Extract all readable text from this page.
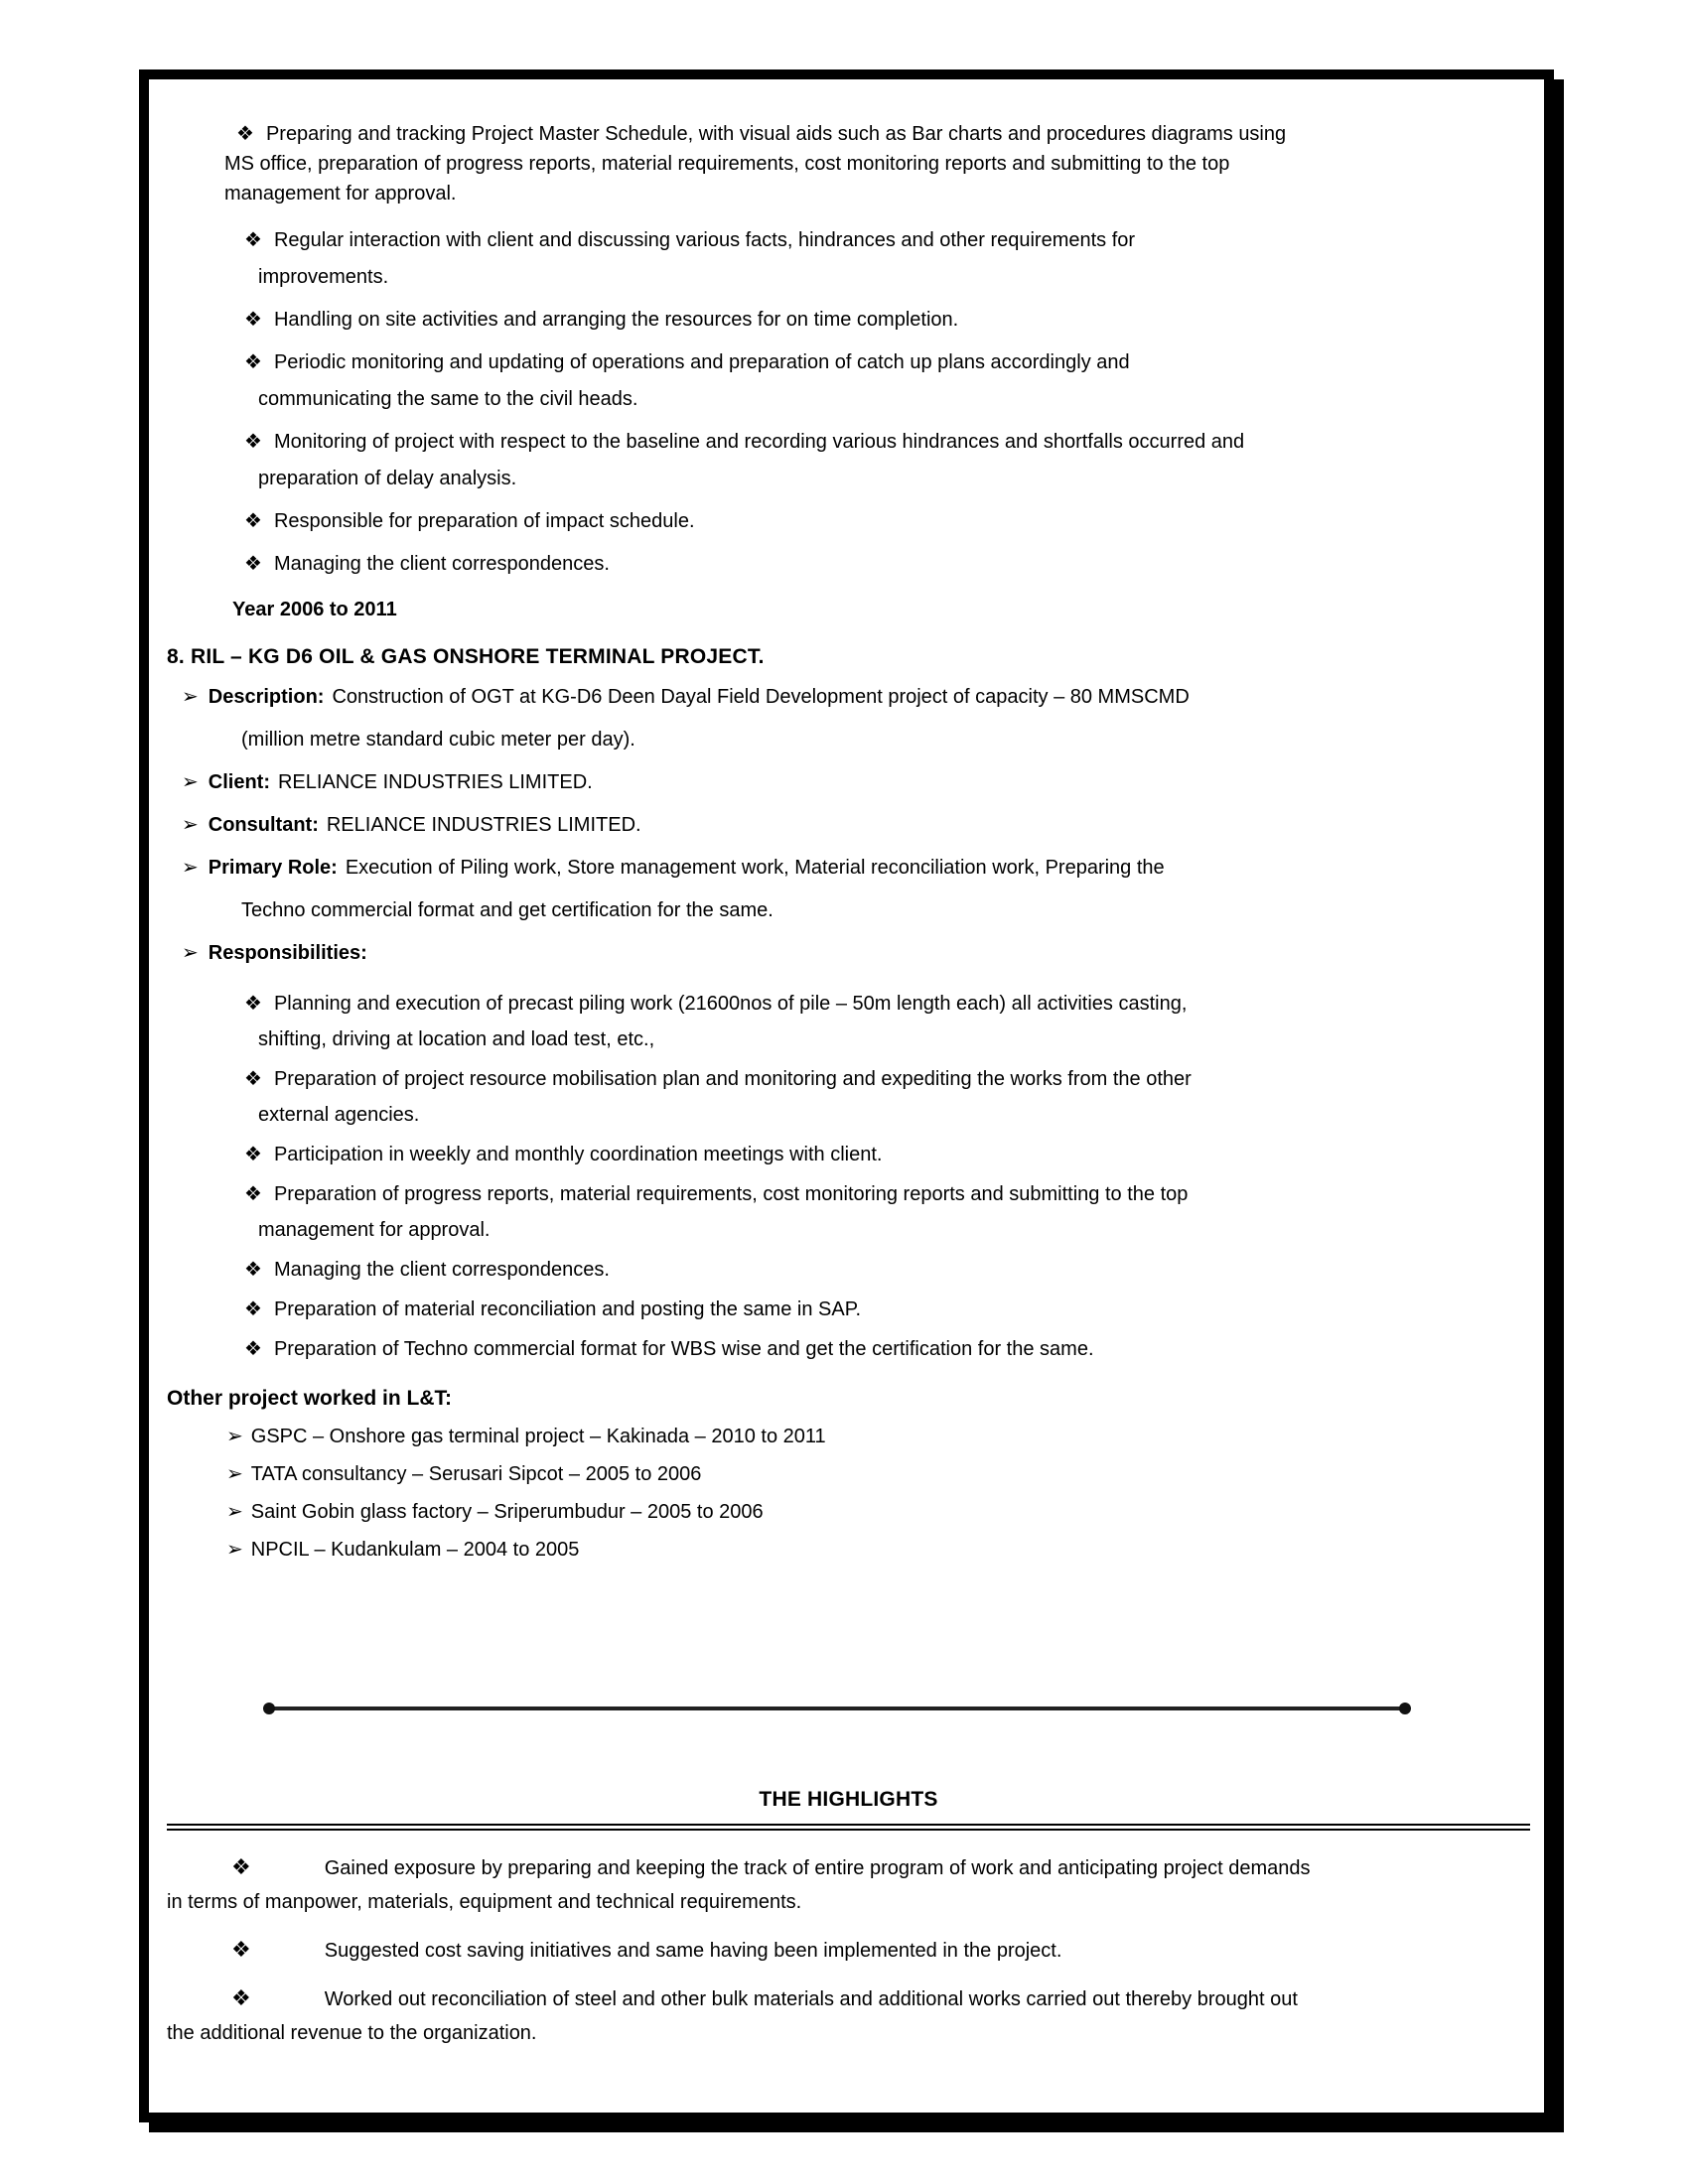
❖ Preparing and tracking Project Master Schedule, with visual aids such as Bar charts and procedures diagrams using
MS office, preparation of progress reports, material requirements, cost monitoring reports and submitting to the top
management for approval.
❖ Regular interaction with client and discussing various facts, hindrances and other requirements for
improvements.
❖ Handling on site activities and arranging the resources for on time completion.
❖ Periodic monitoring and updating of operations and preparation of catch up plans accordingly and
communicating the same to the civil heads.
❖ Monitoring of project with respect to the baseline and recording various hindrances and shortfalls occurred and
preparation of delay analysis.
❖ Responsible for preparation of impact schedule.
❖ Managing the client correspondences.
Year 2006 to 2011
8. RIL – KG D6 OIL & GAS ONSHORE TERMINAL PROJECT.
➢ Description: Construction of OGT at KG-D6 Deen Dayal Field Development project of capacity – 80 MMSCMD
(million metre standard cubic meter per day).
➢ Client: RELIANCE INDUSTRIES LIMITED.
➢ Consultant: RELIANCE INDUSTRIES LIMITED.
➢ Primary Role: Execution of Piling work, Store management work, Material reconciliation work, Preparing the
Techno commercial format and get certification for the same.
➢ Responsibilities:
❖ Planning and execution of precast piling work (21600nos of pile – 50m length each) all activities casting,
shifting, driving at location and load test, etc.,
❖ Preparation of project resource mobilisation plan and monitoring and expediting the works from the other
external agencies.
❖ Participation in weekly and monthly coordination meetings with client.
❖ Preparation of progress reports, material requirements, cost monitoring reports and submitting to the top
management for approval.
❖ Managing the client correspondences.
❖ Preparation of material reconciliation and posting the same in SAP.
❖ Preparation of Techno commercial format for WBS wise and get the certification for the same.
Other project worked in L&T:
➢ GSPC – Onshore gas terminal project – Kakinada – 2010 to 2011
➢ TATA consultancy – Serusari Sipcot – 2005 to 2006
➢ Saint Gobin glass factory – Sriperumbudur – 2005 to 2006
➢ NPCIL – Kudankulam – 2004 to 2005
THE HIGHLIGHTS
❖	Gained exposure by preparing and keeping the track of entire program of work and anticipating project demands
in terms of manpower, materials, equipment and technical requirements.
❖	Suggested cost saving initiatives and same having been implemented in the project.
❖	Worked out reconciliation of steel and other bulk materials and additional works carried out thereby brought out
the additional revenue to the organization.
